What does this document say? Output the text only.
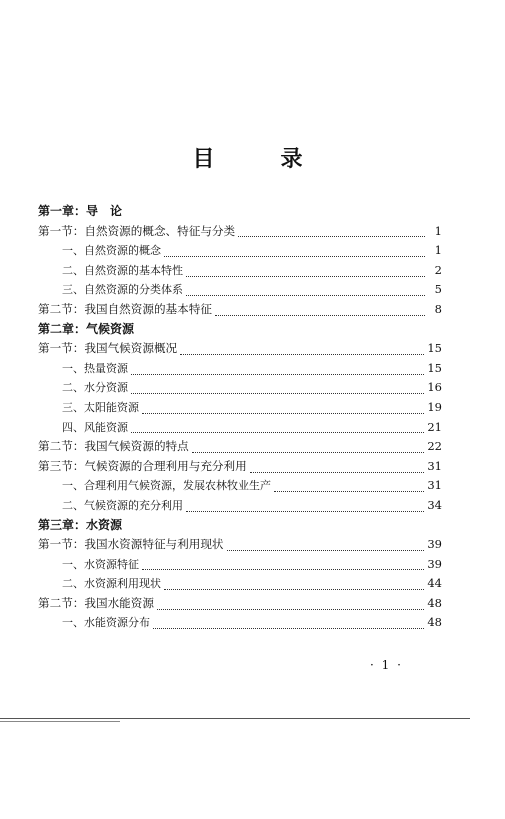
目　录
第一章：导　论
第一节：自然资源的概念、特征与分类	1
一、自然资源的概念	1
二、自然资源的基本特性	2
三、自然资源的分类体系	5
第二节：我国自然资源的基本特征	8
第二章：气候资源
第一节：我国气候资源概况	15
一、热量资源	15
二、水分资源	16
三、太阳能资源	19
四、风能资源	21
第二节：我国气候资源的特点	22
第三节：气候资源的合理利用与充分利用	31
一、合理利用气候资源，发展农林牧业生产	31
二、气候资源的充分利用	34
第三章：水资源
第一节：我国水资源特征与利用现状	39
一、水资源特征	39
二、水资源利用现状	44
第二节：我国水能资源	48
一、水能资源分布	48
· 1 ·
